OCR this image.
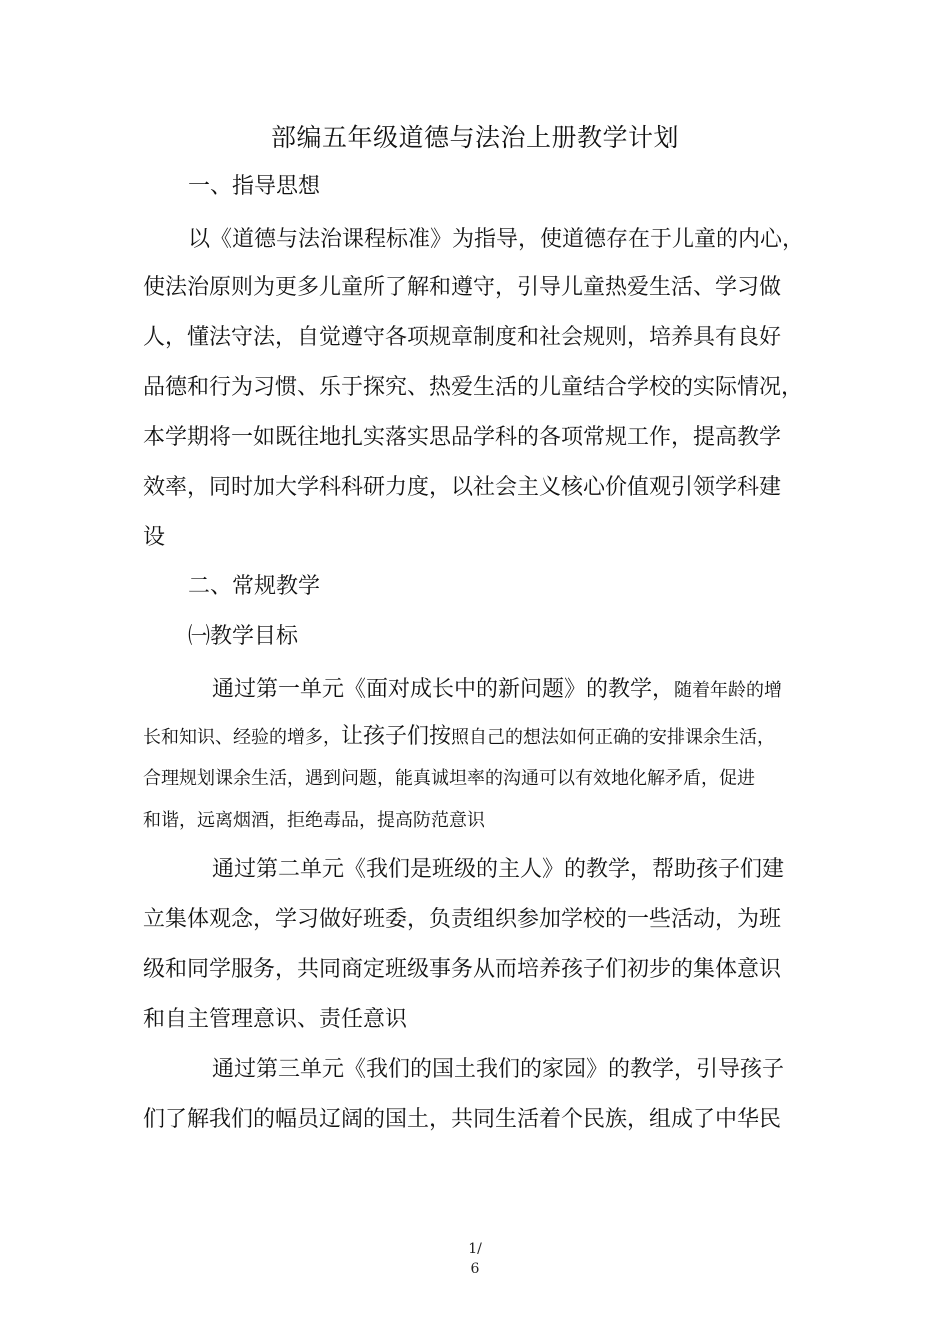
部编五年级道德与法治上册教学计划
一、指导思想
以《道德与法治课程标准》为指导，使道德存在于儿童的内心，
使法治原则为更多儿童所了解和遵守，引导儿童热爱生活、学习做
人，懂法守法，自觉遵守各项规章制度和社会规则，培养具有良好
品德和行为习惯、乐于探究、热爱生活的儿童结合学校的实际情况，
本学期将一如既往地扎实落实思品学科的各项常规工作，提高教学
效率，同时加大学科科研力度，以社会主义核心价值观引领学科建
设
二、常规教学
㈠教学目标
通过第一单元《面对成长中的新问题》的教学，随着年龄的增
长和知识、经验的增多，让孩子们按照自己的想法如何正确的安排课余生活，
合理规划课余生活，遇到问题，能真诚坦率的沟通可以有效地化解矛盾，促进
和谐，远离烟酒，拒绝毒品，提高防范意识
通过第二单元《我们是班级的主人》的教学，帮助孩子们建
立集体观念，学习做好班委，负责组织参加学校的一些活动，为班
级和同学服务，共同商定班级事务从而培养孩子们初步的集体意识
和自主管理意识、责任意识
通过第三单元《我们的国土我们的家园》的教学，引导孩子
们了解我们的幅员辽阔的国土，共同生活着个民族，组成了中华民
1/
6
